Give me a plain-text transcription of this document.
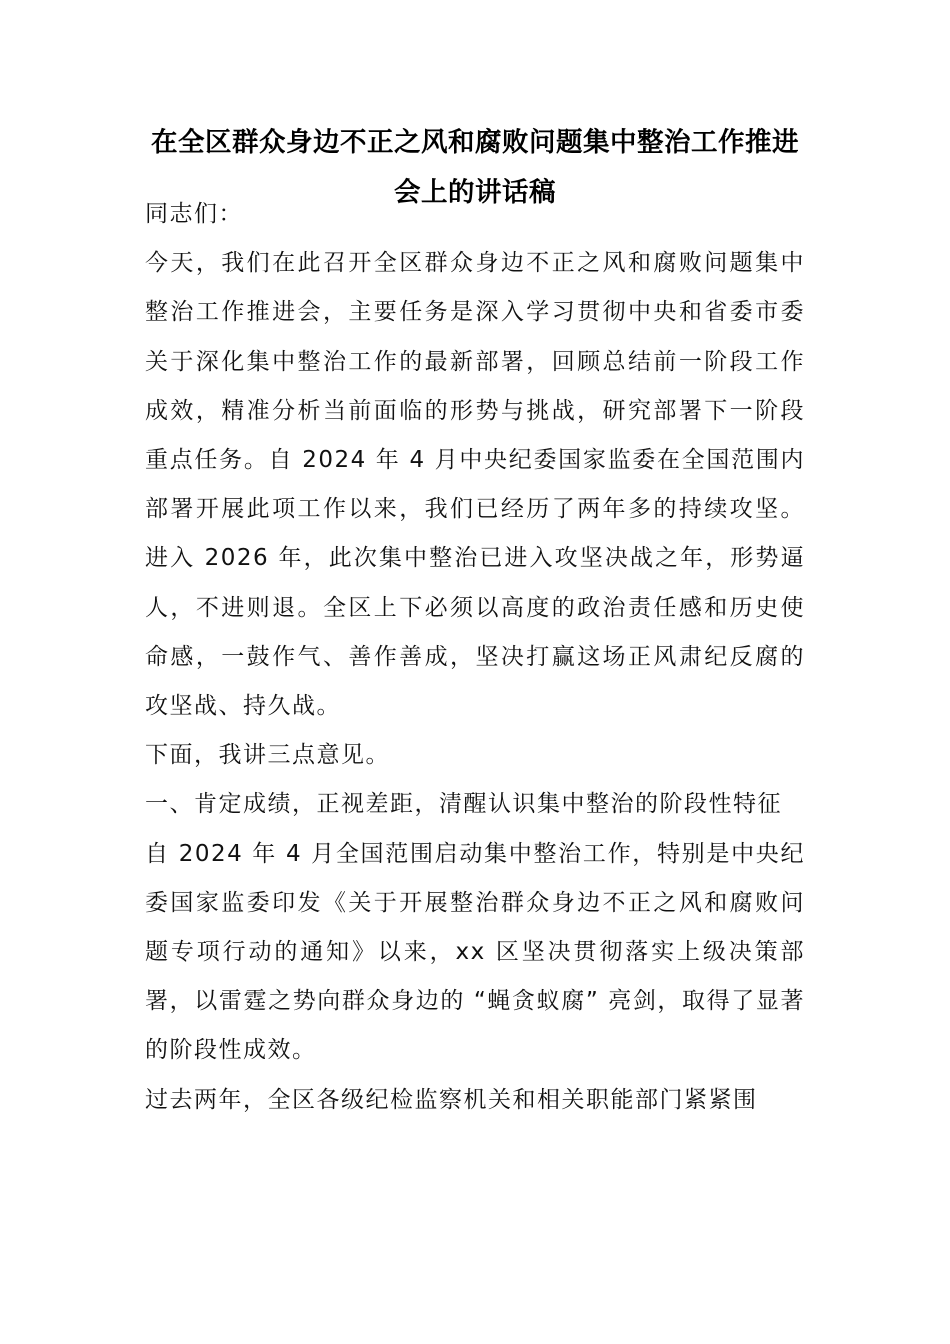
在全区群众身边不正之风和腐败问题集中整治工作推进会上的讲话稿

同志们：

今天，我们在此召开全区群众身边不正之风和腐败问题集中整治工作推进会，主要任务是深入学习贯彻中央和省委市委关于深化集中整治工作的最新部署，回顾总结前一阶段工作成效，精准分析当前面临的形势与挑战，研究部署下一阶段重点任务。自 2024 年 4 月中央纪委国家监委在全国范围内部署开展此项工作以来，我们已经历了两年多的持续攻坚。进入 2026 年，此次集中整治已进入攻坚决战之年，形势逼人，不进则退。全区上下必须以高度的政治责任感和历史使命感，一鼓作气、善作善成，坚决打赢这场正风肃纪反腐的攻坚战、持久战。

下面，我讲三点意见。

一、肯定成绩，正视差距，清醒认识集中整治的阶段性特征

自 2024 年 4 月全国范围启动集中整治工作，特别是中央纪委国家监委印发《关于开展整治群众身边不正之风和腐败问题专项行动的通知》以来，xx 区坚决贯彻落实上级决策部署，以雷霆之势向群众身边的 “蝇贪蚁腐” 亮剑，取得了显著的阶段性成效。

过去两年，全区各级纪检监察机关和相关职能部门紧紧围
